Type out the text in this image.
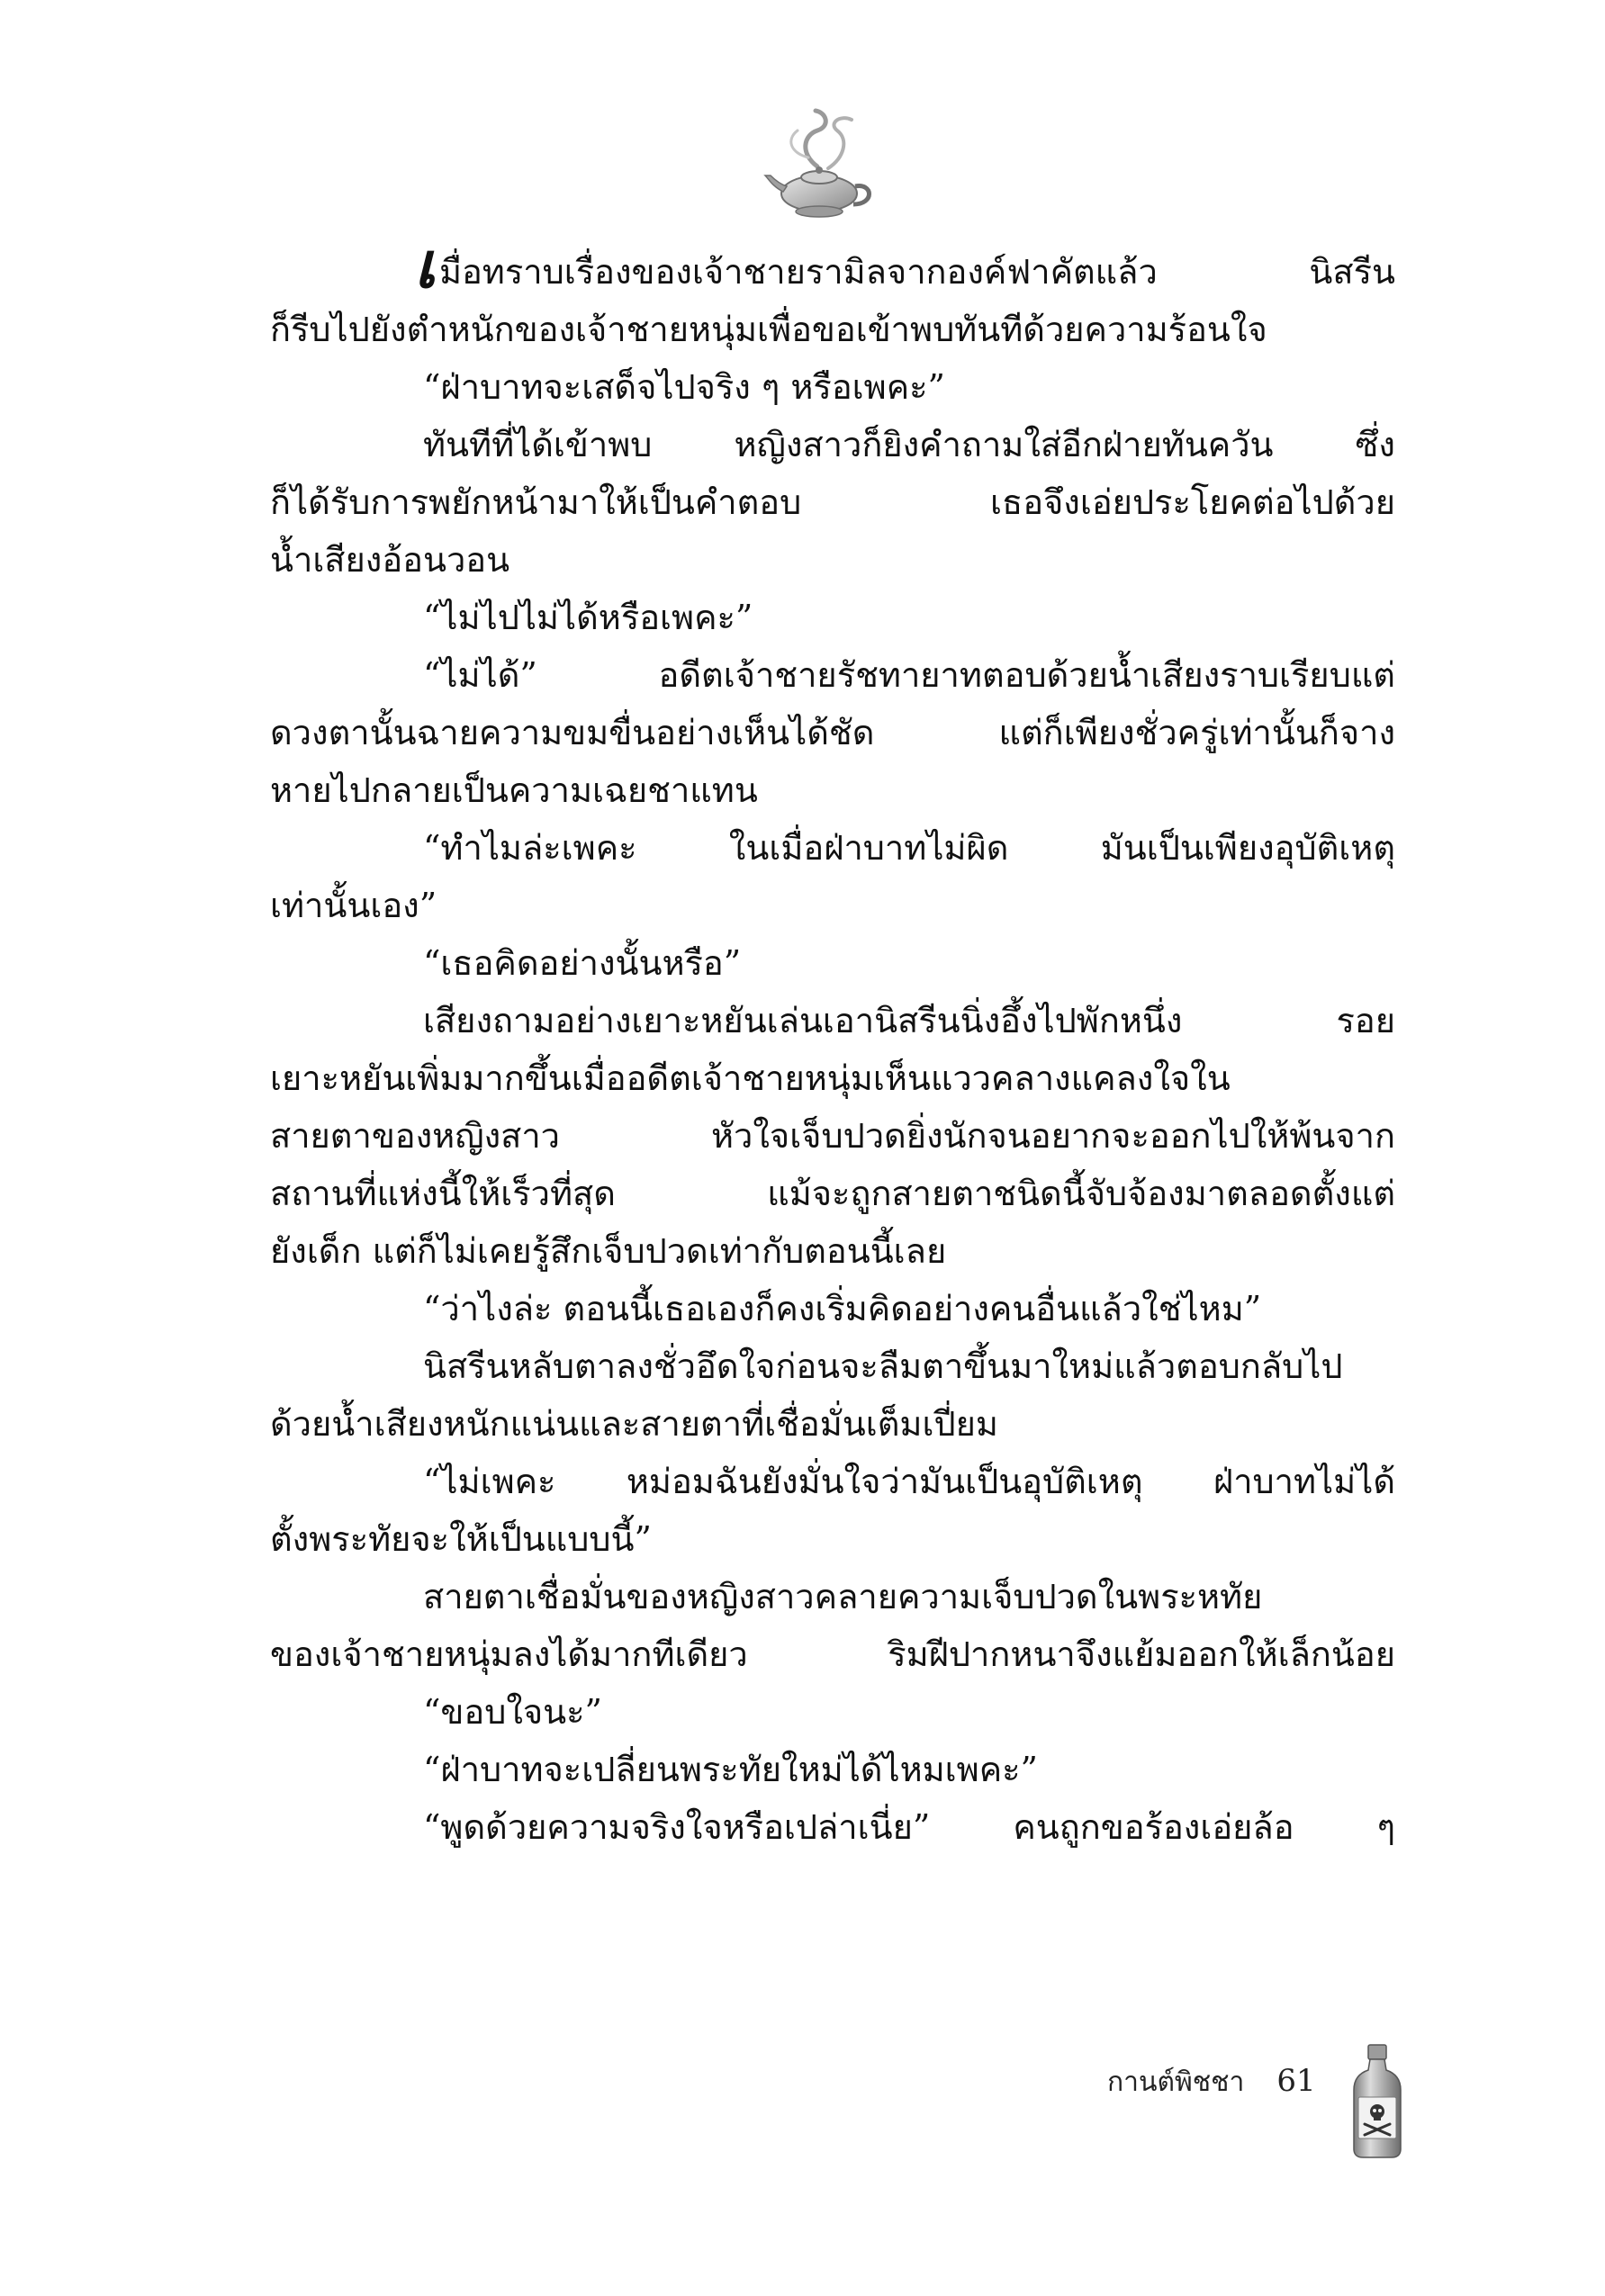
เมื่อทราบเรื่องของเจ้าชายรามิลจากองค์ฟาคัตแล้ว นิสรีน
ก็รีบไปยังตำหนักของเจ้าชายหนุ่มเพื่อขอเข้าพบทันทีด้วยความร้อนใจ
“ฝ่าบาทจะเสด็จไปจริง ๆ หรือเพคะ”
ทันทีที่ได้เข้าพบ หญิงสาวก็ยิงคำถามใส่อีกฝ่ายทันควัน ซึ่ง
ก็ได้รับการพยักหน้ามาให้เป็นคำตอบ เธอจึงเอ่ยประโยคต่อไปด้วย
น้ำเสียงอ้อนวอน
“ไม่ไปไม่ได้หรือเพคะ”
“ไม่ได้” อดีตเจ้าชายรัชทายาทตอบด้วยน้ำเสียงราบเรียบแต่
ดวงตานั้นฉายความขมขื่นอย่างเห็นได้ชัด แต่ก็เพียงชั่วครู่เท่านั้นก็จาง
หายไปกลายเป็นความเฉยชาแทน
“ทำไมล่ะเพคะ ในเมื่อฝ่าบาทไม่ผิด มันเป็นเพียงอุบัติเหตุ
เท่านั้นเอง”
“เธอคิดอย่างนั้นหรือ”
เสียงถามอย่างเยาะหยันเล่นเอานิสรีนนิ่งอึ้งไปพักหนึ่ง รอย
เยาะหยันเพิ่มมากขึ้นเมื่ออดีตเจ้าชายหนุ่มเห็นแววคลางแคลงใจใน
สายตาของหญิงสาว หัวใจเจ็บปวดยิ่งนักจนอยากจะออกไปให้พ้นจาก
สถานที่แห่งนี้ให้เร็วที่สุด แม้จะถูกสายตาชนิดนี้จับจ้องมาตลอดตั้งแต่
ยังเด็ก แต่ก็ไม่เคยรู้สึกเจ็บปวดเท่ากับตอนนี้เลย
“ว่าไงล่ะ ตอนนี้เธอเองก็คงเริ่มคิดอย่างคนอื่นแล้วใช่ไหม”
นิสรีนหลับตาลงชั่วอึดใจก่อนจะลืมตาขึ้นมาใหม่แล้วตอบกลับไป
ด้วยน้ำเสียงหนักแน่นและสายตาที่เชื่อมั่นเต็มเปี่ยม
“ไม่เพคะ หม่อมฉันยังมั่นใจว่ามันเป็นอุบัติเหตุ ฝ่าบาทไม่ได้
ตั้งพระทัยจะให้เป็นแบบนี้”
สายตาเชื่อมั่นของหญิงสาวคลายความเจ็บปวดในพระหทัย
ของเจ้าชายหนุ่มลงได้มากทีเดียว ริมฝีปากหนาจึงแย้มออกให้เล็กน้อย
“ขอบใจนะ”
“ฝ่าบาทจะเปลี่ยนพระทัยใหม่ได้ไหมเพคะ”
“พูดด้วยความจริงใจหรือเปล่าเนี่ย” คนถูกขอร้องเอ่ยล้อ ๆ
กานต์พิชชา 61
